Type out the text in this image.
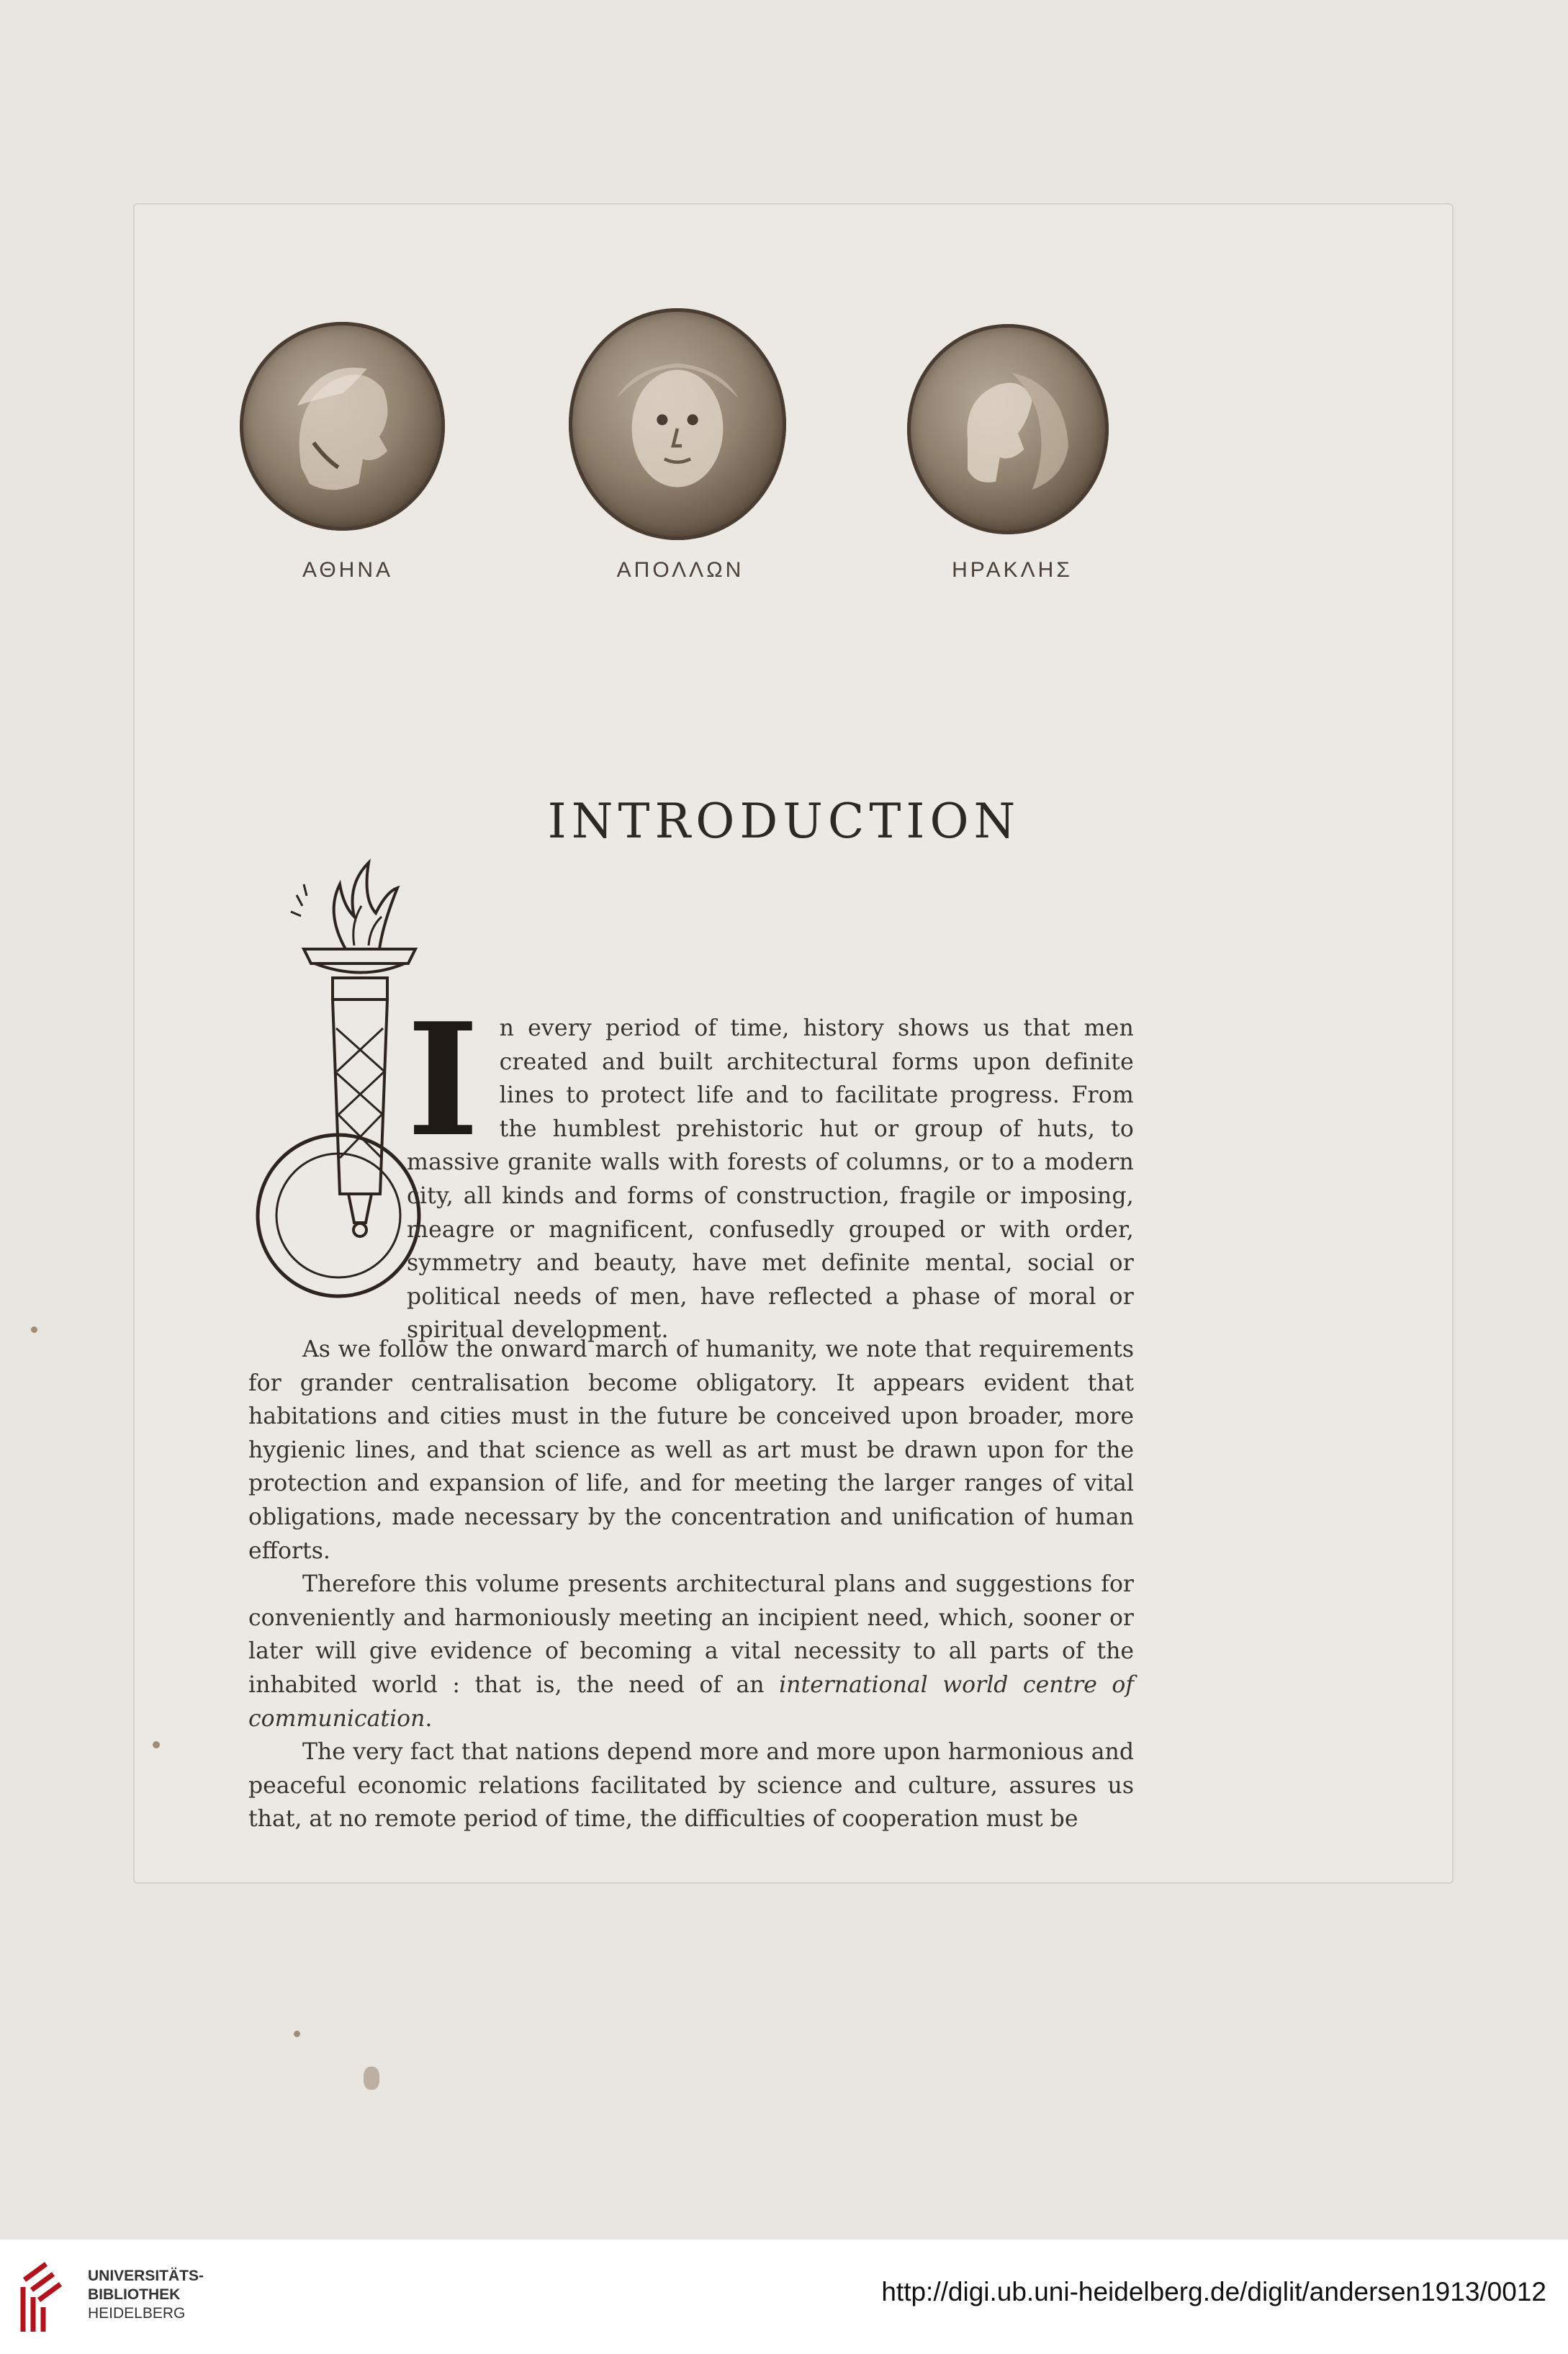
ΑΘΗΝΑ	ΑΠΟΛΛΩΝ	ΗΡΑΚΛΗΣ
INTRODUCTION

In every period of time, history shows us that men created and built architectural forms upon definite lines to protect life and to facilitate progress. From the humblest prehistoric hut or group of huts, to massive granite walls with forests of columns, or to a modern city, all kinds and forms of construction, fragile or imposing, meagre or magnificent, confusedly grouped or with order, symmetry and beauty, have met definite mental, social or political needs of men, have reflected a phase of moral or spiritual development.

As we follow the onward march of humanity, we note that requirements for grander centralisation become obligatory. It appears evident that habitations and cities must in the future be conceived upon broader, more hygienic lines, and that science as well as art must be drawn upon for the protection and expansion of life, and for meeting the larger ranges of vital obligations, made necessary by the concentration and unification of human efforts.

Therefore this volume presents architectural plans and suggestions for conveniently and harmoniously meeting an incipient need, which, sooner or later will give evidence of becoming a vital necessity to all parts of the inhabited world : that is, the need of an international world centre of communication.

The very fact that nations depend more and more upon harmonious and peaceful economic relations facilitated by science and culture, assures us that, at no remote period of time, the difficulties of cooperation must be

UNIVERSITÄTS-
BIBLIOTHEK
HEIDELBERG
http://digi.ub.uni-heidelberg.de/diglit/andersen1913/0012
